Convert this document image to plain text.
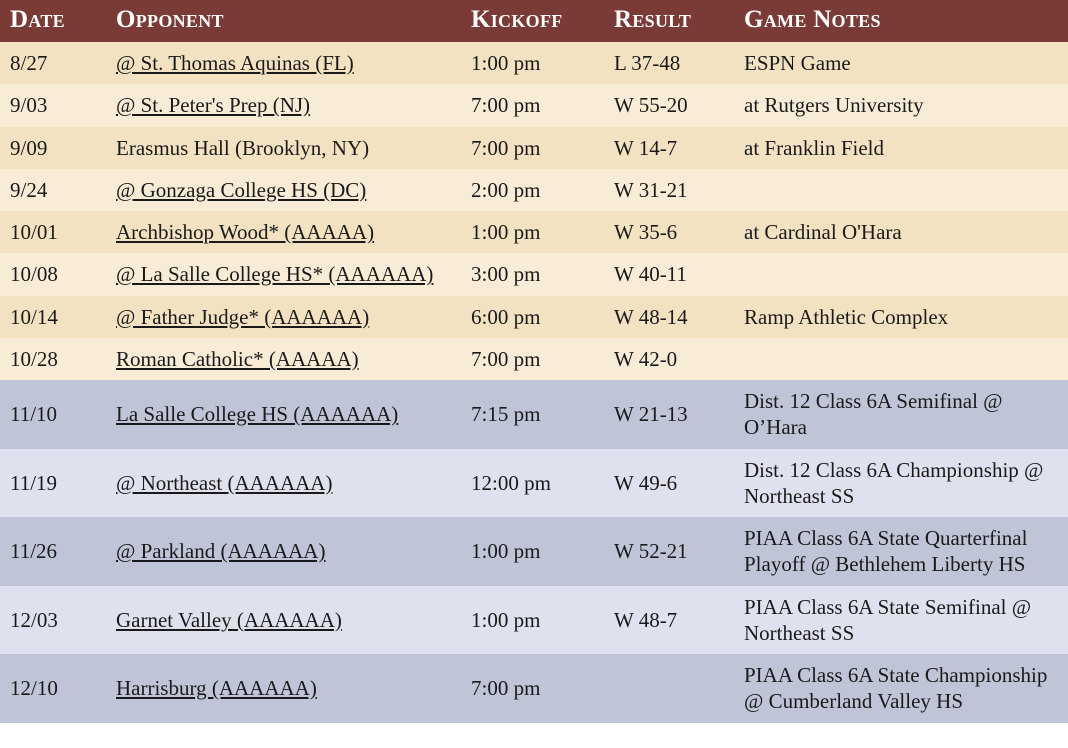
Date	Opponent	Kickoff	Result	Game Notes
8/27	@ St. Thomas Aquinas (FL)	1:00 pm	L 37-48	ESPN Game
9/03	@ St. Peter's Prep (NJ)	7:00 pm	W 55-20	at Rutgers University
9/09	Erasmus Hall (Brooklyn, NY)	7:00 pm	W 14-7	at Franklin Field
9/24	@ Gonzaga College HS (DC)	2:00 pm	W 31-21	
10/01	Archbishop Wood* (AAAAA)	1:00 pm	W 35-6	at Cardinal O'Hara
10/08	@ La Salle College HS* (AAAAAA)	3:00 pm	W 40-11	
10/14	@ Father Judge* (AAAAAA)	6:00 pm	W 48-14	Ramp Athletic Complex
10/28	Roman Catholic* (AAAAA)	7:00 pm	W 42-0	
11/10	La Salle College HS (AAAAAA)	7:15 pm	W 21-13	Dist. 12 Class 6A Semifinal @ O’Hara
11/19	@ Northeast (AAAAAA)	12:00 pm	W 49-6	Dist. 12 Class 6A Championship @ Northeast SS
11/26	@ Parkland (AAAAAA)	1:00 pm	W 52-21	PIAA Class 6A State Quarterfinal Playoff @ Bethlehem Liberty HS
12/03	Garnet Valley (AAAAAA)	1:00 pm	W 48-7	PIAA Class 6A State Semifinal @ Northeast SS
12/10	Harrisburg (AAAAAA)	7:00 pm		PIAA Class 6A State Championship @ Cumberland Valley HS
